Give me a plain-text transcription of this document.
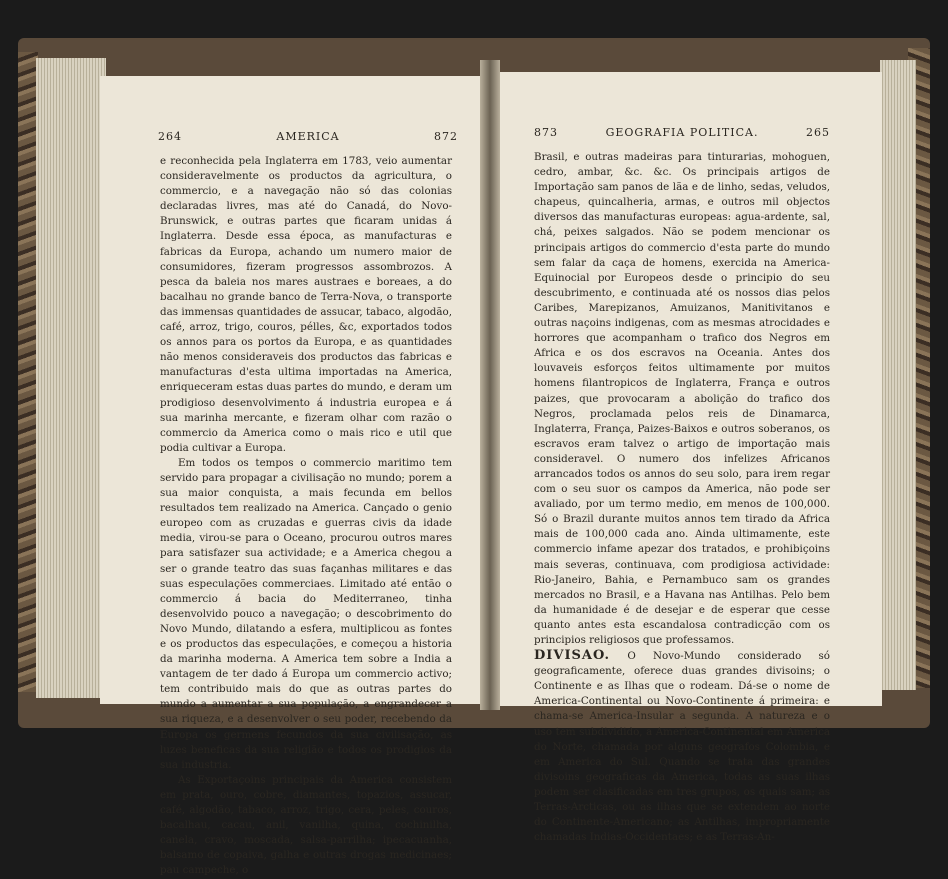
264	AMERICA	872

e reconhecida pela Inglaterra em 1783, veio aumentar consideravelmente os productos da agricultura, o commercio, e a navegação não só das colonias declaradas livres, mas até do Canadá, do Novo-Brunswick, e outras partes que ficaram unidas á Inglaterra. Desde essa época, as manufacturas e fabricas da Europa, achando um numero maior de consumidores, fizeram progressos assombrozos. A pesca da baleia nos mares austraes e boreaes, a do bacalhau no grande banco de Terra-Nova, o transporte das immensas quantidades de assucar, tabaco, algodão, café, arroz, trigo, couros, pélles, &c, exportados todos os annos para os portos da Europa, e as quantidades não menos consideraveis dos productos das fabricas e manufacturas d'esta ultima importadas na America, enriqueceram estas duas partes do mundo, e deram um prodigioso desenvolvimento á industria europea e á sua marinha mercante, e fizeram olhar com razão o commercio da America como o mais rico e util que podia cultivar a Europa.

Em todos os tempos o commercio maritimo tem servido para propagar a civilisação no mundo; porem a sua maior conquista, a mais fecunda em bellos resultados tem realizado na America. Cançado o genio europeo com as cruzadas e guerras civis da idade media, virou-se para o Oceano, procurou outros mares para satisfazer sua actividade; e a America chegou a ser o grande teatro das suas façanhas militares e das suas especulações commerciaes. Limitado até então o commercio á bacia do Mediterraneo, tinha desenvolvido pouco a navegação; o descobrimento do Novo Mundo, dilatando a esfera, multiplicou as fontes e os productos das especulações, e começou a historia da marinha moderna. A America tem sobre a India a vantagem de ter dado á Europa um commercio activo; tem contribuido mais do que as outras partes do mundo a aumentar a sua população, a engrandecer a sua riqueza, e a desenvolver o seu poder, recebendo da Europa os germens fecundos da sua civilisação, as luzes beneficas da sua religião e todos os prodigios da sua industria.

As Exportaçoins principais da America consistem em prata, ouro, cobre, diamantes, topazios, assucar, café, algodão, tabaco, arroz, trigo, cera, peles, couros, bacalhau, cacau, anil, vanilha, quina, cochinilha, canela, cravo, moscada, salsa-parrilha; ipecacuanha, balsamo de copaiva, galha e outras drogas medicinaes; pau campeche, o

873	GEOGRAFIA POLITICA.	265

Brasil, e outras madeiras para tinturarias, mohoguen, cedro, ambar, &c. &c. Os principais artigos de Importação sam panos de lãa e de linho, sedas, veludos, chapeus, quincalheria, armas, e outros mil objectos diversos das manufacturas europeas: agua-ardente, sal, chá, peixes salgados. Não se podem mencionar os principais artigos do commercio d'esta parte do mundo sem falar da caça de homens, exercida na America-Equinocial por Europeos desde o principio do seu descubrimento, e continuada até os nossos dias pelos Caribes, Marepizanos, Amuizanos, Manitivitanos e outras naçoins indigenas, com as mesmas atrocidades e horrores que acompanham o trafico dos Negros em Africa e os dos escravos na Oceania. Antes dos louvaveis esforços feitos ultimamente por muitos homens filantropicos de Inglaterra, França e outros paizes, que provocaram a abolição do trafico dos Negros, proclamada pelos reis de Dinamarca, Inglaterra, França, Paizes-Baixos e outros soberanos, os escravos eram talvez o artigo de importação mais consideravel. O numero dos infelizes Africanos arrancados todos os annos do seu solo, para irem regar com o seu suor os campos da America, não pode ser avaliado, por um termo medio, em menos de 100,000. Só o Brazil durante muitos annos tem tirado da Africa mais de 100,000 cada ano. Ainda ultimamente, este commercio infame apezar dos tratados, e prohibiçoins mais severas, continuava, com prodigiosa actividade: Rio-Janeiro, Bahia, e Pernambuco sam os grandes mercados no Brasil, e a Havana nas Antilhas. Pelo bem da humanidade é de desejar e de esperar que cesse quanto antes esta escandalosa contradicção com os principios religiosos que professamos.

DIVISAO. O Novo-Mundo considerado só geograficamente, oferece duas grandes divisoins; o Continente e as Ilhas que o rodeam. Dá-se o nome de America-Continental ou Novo-Continente á primeira: e chama-se America-Insular a segunda. A natureza e o uso tem subdividido, a America-Continental em America do Norte, chamada por alguns geografos Colombia, e em America do Sul. Quando se trata das grandes divisoins geograficas da America, todas as suas ilhas podem ser clasificadas em tres grupos, os quais sam; as Terras-Arcticas, ou as ilhas que se extendem ao norte do Continente-Americano; as Antilhas, impropriamente chamadas Indias-Occidentaes; e as Terras-An-
